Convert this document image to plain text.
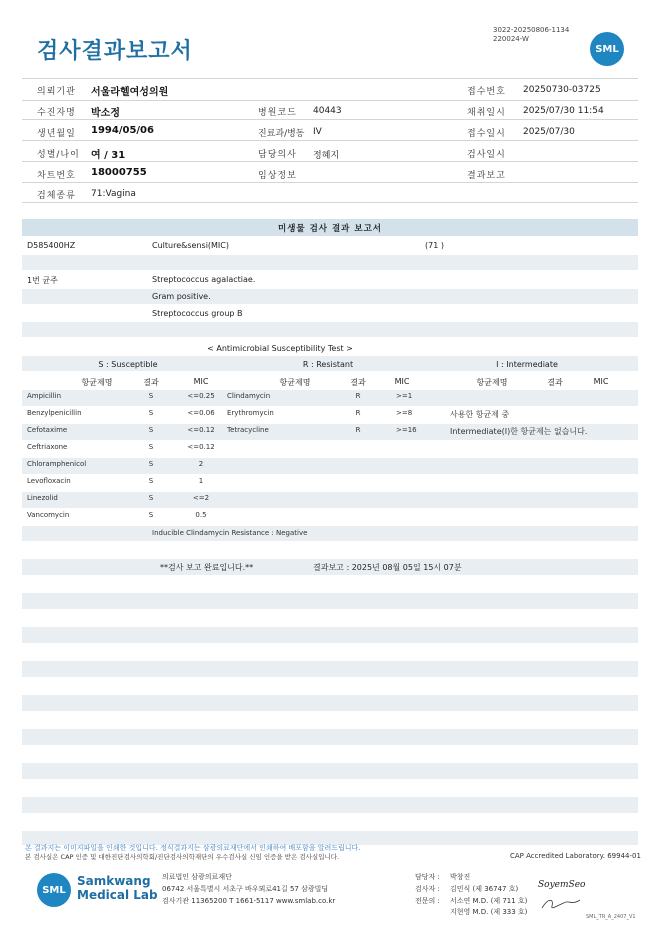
검사결과보고서
3022-20250806-1134
220024-W
SML
의뢰기관 서울라헬여성의원	접수번호 20250730-03725
수진자명 박소정	병원코드 40443	채취일시 2025/07/30 11:54
생년월일 1994/05/06	진료과/병동 IV	접수일시 2025/07/30
성별/나이 여 / 31	담당의사 정혜지	검사일시
차트번호 18000755	임상정보	결과보고
검체종류 71:Vagina
미생물 검사 결과 보고서
D585400HZ	Culture&sensi(MIC)	(71 )
1번 균주	Streptococcus agalactiae.
Gram positive.
Streptococcus group B
< Antimicrobial Susceptibility Test >
S : Susceptible	R : Resistant	I : Intermediate
항균제명	결과	MIC	항균제명	결과	MIC	항균제명	결과	MIC
Ampicillin	S	<=0.25 Clindamycin	R	>=1
Benzylpenicillin	S	<=0.06 Erythromycin	R	>=8	사용한 항균제 중
Cefotaxime	S	<=0.12 Tetracycline	R	>=16	Intermediate(I)한 항균제는 없습니다.
Ceftriaxone	S	<=0.12
Chloramphenicol	S	2
Levofloxacin	S	1
Linezolid	S	<=2
Vancomycin	S	0.5
Inducible Clindamycin Resistance : Negative
**검사 보고 완료입니다.**	결과보고 : 2025년 08월 05일 15시 07분
본 결과지는 이미지파일을 인쇄한 것입니다. 정식결과지는 삼광의료재단에서 인쇄하여 배포함을 알려드립니다.
본 검사실은 CAP 인증 및 대한진단검사의학회/진단검사의학재단의 우수검사실 신임 인증을 받은 검사실입니다.	CAP Accredited Laboratory. 69944-01
SML
Samkwang
Medical Lab
의료법인 삼광의료재단
06742 서울특별시 서초구 바우뫼로41길 57 삼광빌딩
검사기관 11365200 T 1661-5117 www.smlab.co.kr
담당자 : 박창진
검사자 : 김민식 (제 36747 호) SoyemSeo
전문의 : 서소연 M.D. (제 711 호)
지현영 M.D. (제 333 호)
SML_TR_A_2407_V1
